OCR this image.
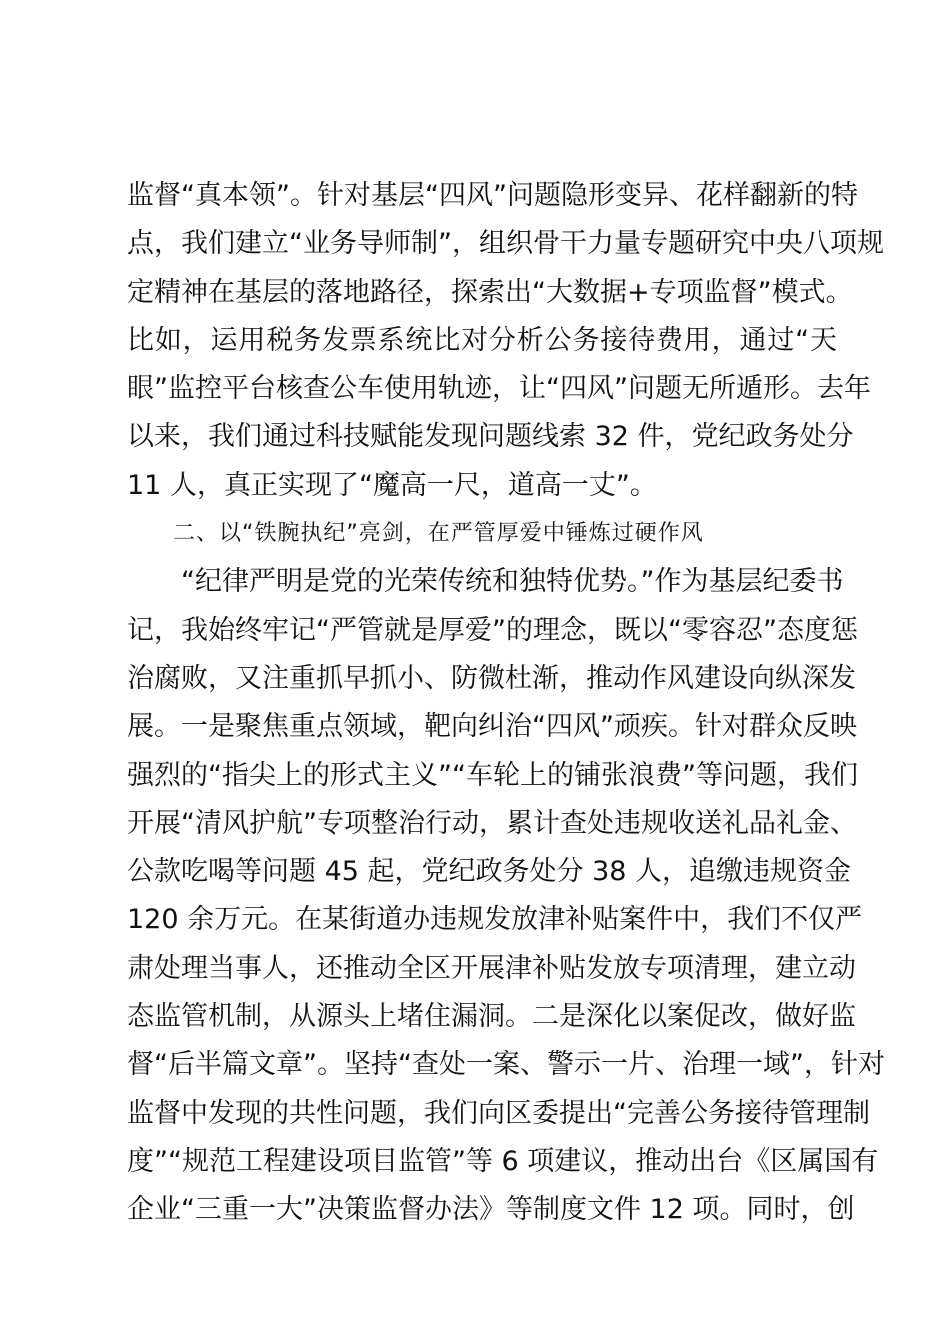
监督“真本领”。针对基层“四风”问题隐形变异、花样翻新的特
点，我们建立“业务导师制”，组织骨干力量专题研究中央八项规
定精神在基层的落地路径，探索出“大数据+专项监督”模式。
比如，运用税务发票系统比对分析公务接待费用，通过“天
眼”监控平台核查公车使用轨迹，让“四风”问题无所遁形。去年
以来，我们通过科技赋能发现问题线索 32 件，党纪政务处分
11 人，真正实现了“魔高一尺，道高一丈”。
二、以“铁腕执纪”亮剑，在严管厚爱中锤炼过硬作风
“纪律严明是党的光荣传统和独特优势。”作为基层纪委书
记，我始终牢记“严管就是厚爱”的理念，既以“零容忍”态度惩
治腐败，又注重抓早抓小、防微杜渐，推动作风建设向纵深发
展。一是聚焦重点领域，靶向纠治“四风”顽疾。针对群众反映
强烈的“指尖上的形式主义”“车轮上的铺张浪费”等问题，我们
开展“清风护航”专项整治行动，累计查处违规收送礼品礼金、
公款吃喝等问题 45 起，党纪政务处分 38 人，追缴违规资金
120 余万元。在某街道办违规发放津补贴案件中，我们不仅严
肃处理当事人，还推动全区开展津补贴发放专项清理，建立动
态监管机制，从源头上堵住漏洞。二是深化以案促改，做好监
督“后半篇文章”。坚持“查处一案、警示一片、治理一域”，针对
监督中发现的共性问题，我们向区委提出“完善公务接待管理制
度”“规范工程建设项目监管”等 6 项建议，推动出台《区属国有
企业“三重一大”决策监督办法》等制度文件 12 项。同时，创
